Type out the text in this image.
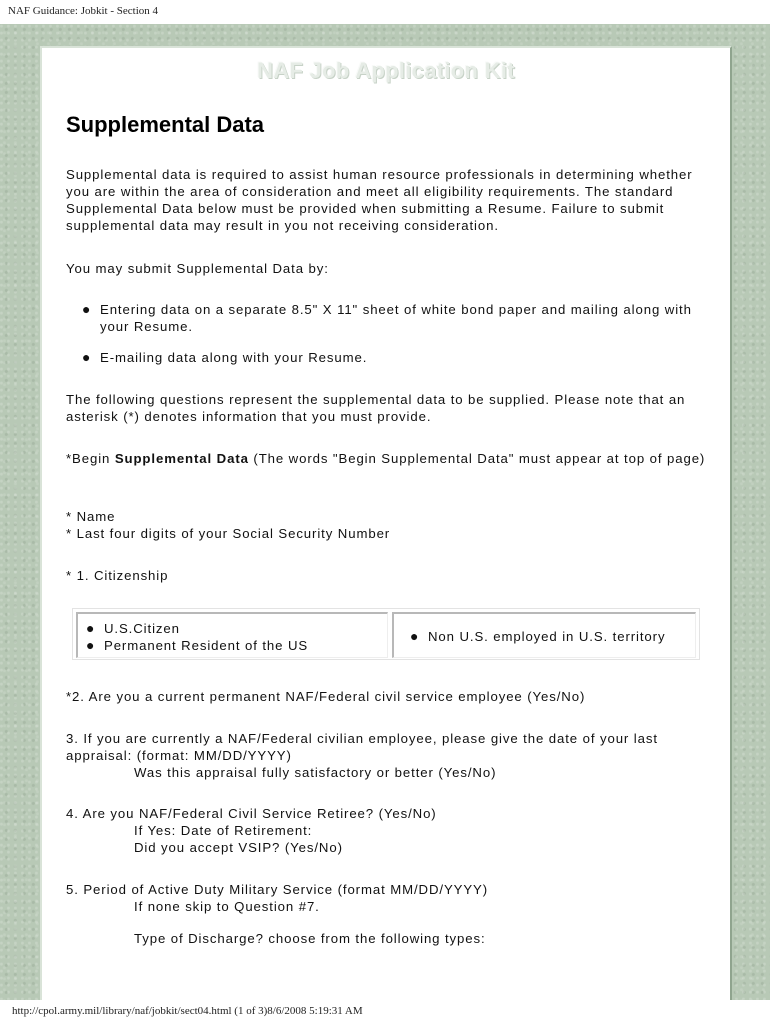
NAF Guidance: Jobkit - Section 4
NAF Job Application Kit
Supplemental Data

Supplemental data is required to assist human resource professionals in determining whether you are within the area of consideration and meet all eligibility requirements. The standard Supplemental Data below must be provided when submitting a Resume. Failure to submit supplemental data may result in you not receiving consideration.

You may submit Supplemental Data by:

● Entering data on a separate 8.5" X 11" sheet of white bond paper and mailing along with your Resume.
● E-mailing data along with your Resume.

The following questions represent the supplemental data to be supplied. Please note that an asterisk (*) denotes information that you must provide.

*Begin Supplemental Data (The words "Begin Supplemental Data" must appear at top of page)

* Name

* Last four digits of your Social Security Number

* 1. Citizenship

● U.S.Citizen
● Permanent Resident of the US
● Non U.S. employed in U.S. territory

*2. Are you a current permanent NAF/Federal civil service employee (Yes/No)

3. If you are currently a NAF/Federal civilian employee, please give the date of your last appraisal: (format: MM/DD/YYYY)

Was this appraisal fully satisfactory or better (Yes/No)

4. Are you NAF/Federal Civil Service Retiree? (Yes/No)

If Yes: Date of Retirement:

Did you accept VSIP? (Yes/No)

5. Period of Active Duty Military Service (format MM/DD/YYYY)

If none skip to Question #7.

Type of Discharge? choose from the following types:

http://cpol.army.mil/library/naf/jobkit/sect04.html (1 of 3)8/6/2008 5:19:31 AM
